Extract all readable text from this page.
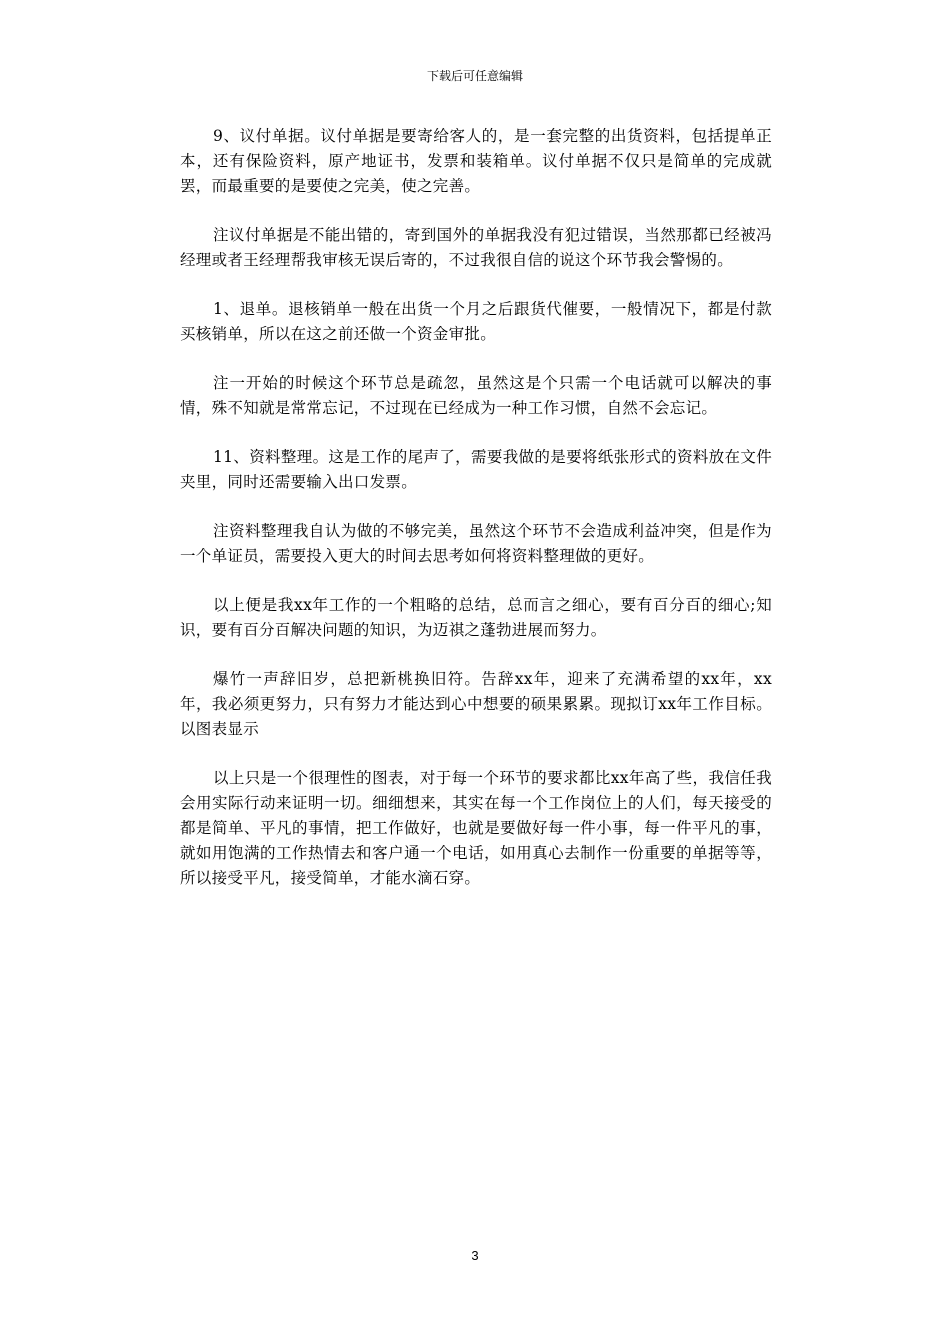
下载后可任意编辑

9、议付单据。议付单据是要寄给客人的，是一套完整的出货资料，包括提单正本，还有保险资料，原产地证书，发票和装箱单。议付单据不仅只是简单的完成就罢，而最重要的是要使之完美，使之完善。

注议付单据是不能出错的，寄到国外的单据我没有犯过错误，当然那都已经被冯经理或者王经理帮我审核无误后寄的，不过我很自信的说这个环节我会警惕的。

1、退单。退核销单一般在出货一个月之后跟货代催要，一般情况下，都是付款买核销单，所以在这之前还做一个资金审批。

注一开始的时候这个环节总是疏忽，虽然这是个只需一个电话就可以解决的事情，殊不知就是常常忘记，不过现在已经成为一种工作习惯，自然不会忘记。

11、资料整理。这是工作的尾声了，需要我做的是要将纸张形式的资料放在文件夹里，同时还需要输入出口发票。

注资料整理我自认为做的不够完美，虽然这个环节不会造成利益冲突，但是作为一个单证员，需要投入更大的时间去思考如何将资料整理做的更好。

以上便是我xx年工作的一个粗略的总结，总而言之细心，要有百分百的细心;知识，要有百分百解决问题的知识，为迈祺之蓬勃进展而努力。

爆竹一声辞旧岁，总把新桃换旧符。告辞xx年，迎来了充满希望的xx年，xx年，我必须更努力，只有努力才能达到心中想要的硕果累累。现拟订xx年工作目标。以图表显示

以上只是一个很理性的图表，对于每一个环节的要求都比xx年高了些，我信任我会用实际行动来证明一切。细细想来，其实在每一个工作岗位上的人们，每天接受的都是简单、平凡的事情，把工作做好，也就是要做好每一件小事，每一件平凡的事，就如用饱满的工作热情去和客户通一个电话，如用真心去制作一份重要的单据等等，所以接受平凡，接受简单，才能水滴石穿。

3
